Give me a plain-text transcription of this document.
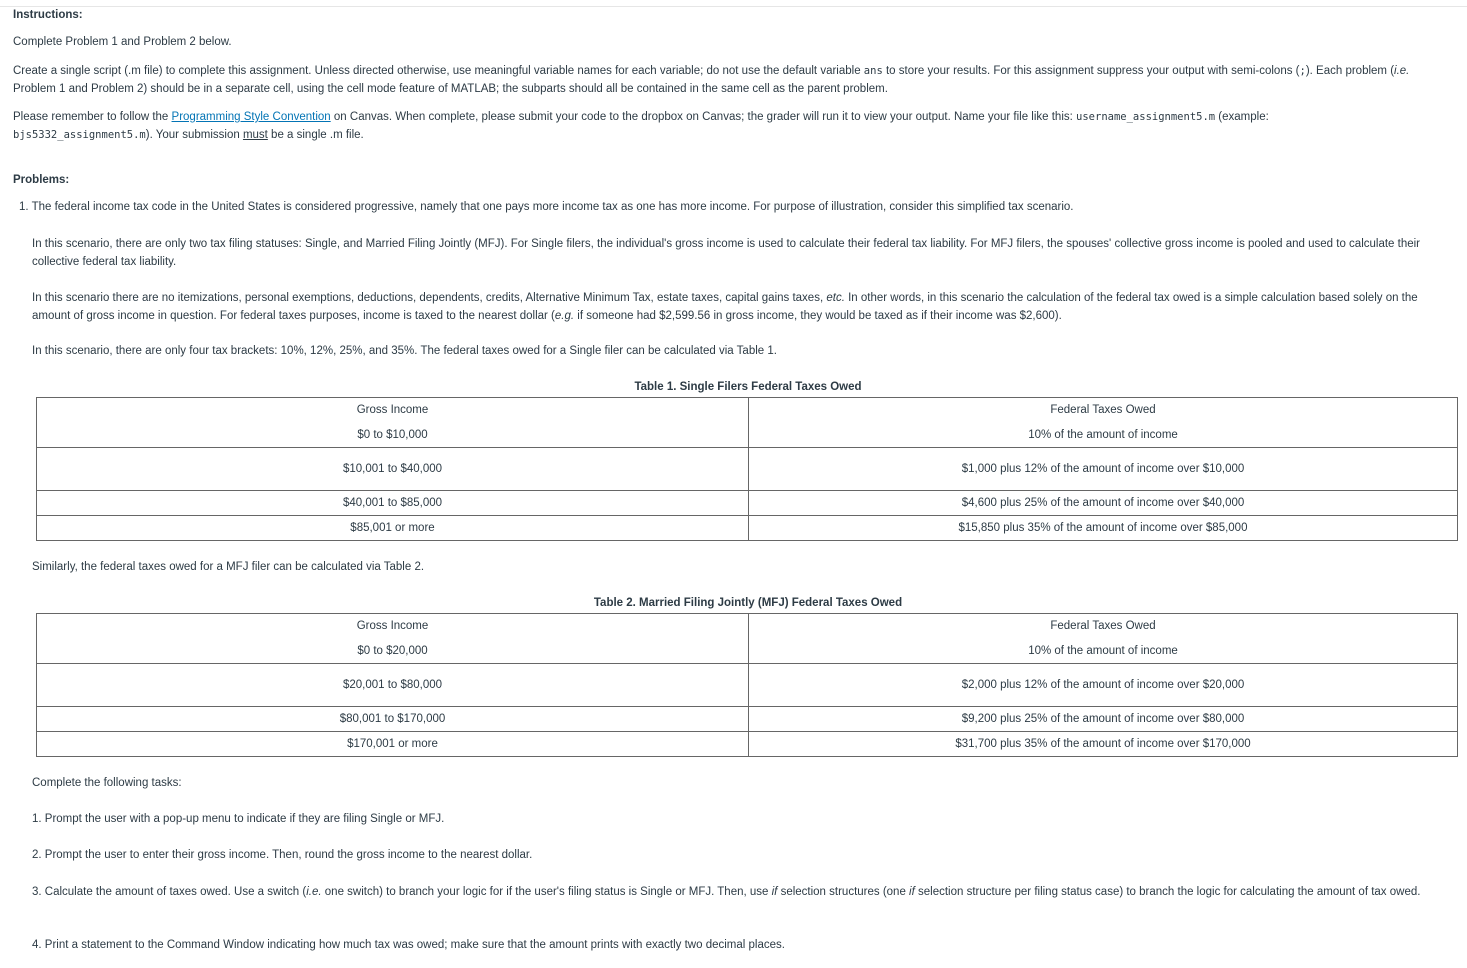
Instructions:
Complete Problem 1 and Problem 2 below.
Create a single script (.m file) to complete this assignment. Unless directed otherwise, use meaningful variable names for each variable; do not use the default variable ans to store your results. For this assignment suppress your output with semi-colons (;). Each problem (i.e. Problem 1 and Problem 2) should be in a separate cell, using the cell mode feature of MATLAB; the subparts should all be contained in the same cell as the parent problem.
Please remember to follow the Programming Style Convention on Canvas. When complete, please submit your code to the dropbox on Canvas; the grader will run it to view your output. Name your file like this: username_assignment5.m (example: bjs5332_assignment5.m). Your submission must be a single .m file.
Problems:
1. The federal income tax code in the United States is considered progressive, namely that one pays more income tax as one has more income. For purpose of illustration, consider this simplified tax scenario.
In this scenario, there are only two tax filing statuses: Single, and Married Filing Jointly (MFJ). For Single filers, the individual's gross income is used to calculate their federal tax liability. For MFJ filers, the spouses' collective gross income is pooled and used to calculate their collective federal tax liability.
In this scenario there are no itemizations, personal exemptions, deductions, dependents, credits, Alternative Minimum Tax, estate taxes, capital gains taxes, etc. In other words, in this scenario the calculation of the federal tax owed is a simple calculation based solely on the amount of gross income in question. For federal taxes purposes, income is taxed to the nearest dollar (e.g. if someone had $2,599.56 in gross income, they would be taxed as if their income was $2,600).
In this scenario, there are only four tax brackets: 10%, 12%, 25%, and 35%. The federal taxes owed for a Single filer can be calculated via Table 1.
Table 1. Single Filers Federal Taxes Owed
Gross Income	Federal Taxes Owed
$0 to $10,000	10% of the amount of income
$10,001 to $40,000	$1,000 plus 12% of the amount of income over $10,000
$40,001 to $85,000	$4,600 plus 25% of the amount of income over $40,000
$85,001 or more	$15,850 plus 35% of the amount of income over $85,000
Similarly, the federal taxes owed for a MFJ filer can be calculated via Table 2.
Table 2. Married Filing Jointly (MFJ) Federal Taxes Owed
Gross Income	Federal Taxes Owed
$0 to $20,000	10% of the amount of income
$20,001 to $80,000	$2,000 plus 12% of the amount of income over $20,000
$80,001 to $170,000	$9,200 plus 25% of the amount of income over $80,000
$170,001 or more	$31,700 plus 35% of the amount of income over $170,000
Complete the following tasks:
1. Prompt the user with a pop-up menu to indicate if they are filing Single or MFJ.
2. Prompt the user to enter their gross income. Then, round the gross income to the nearest dollar.
3. Calculate the amount of taxes owed. Use a switch (i.e. one switch) to branch your logic for if the user's filing status is Single or MFJ. Then, use if selection structures (one if selection structure per filing status case) to branch the logic for calculating the amount of tax owed.
4. Print a statement to the Command Window indicating how much tax was owed; make sure that the amount prints with exactly two decimal places.
